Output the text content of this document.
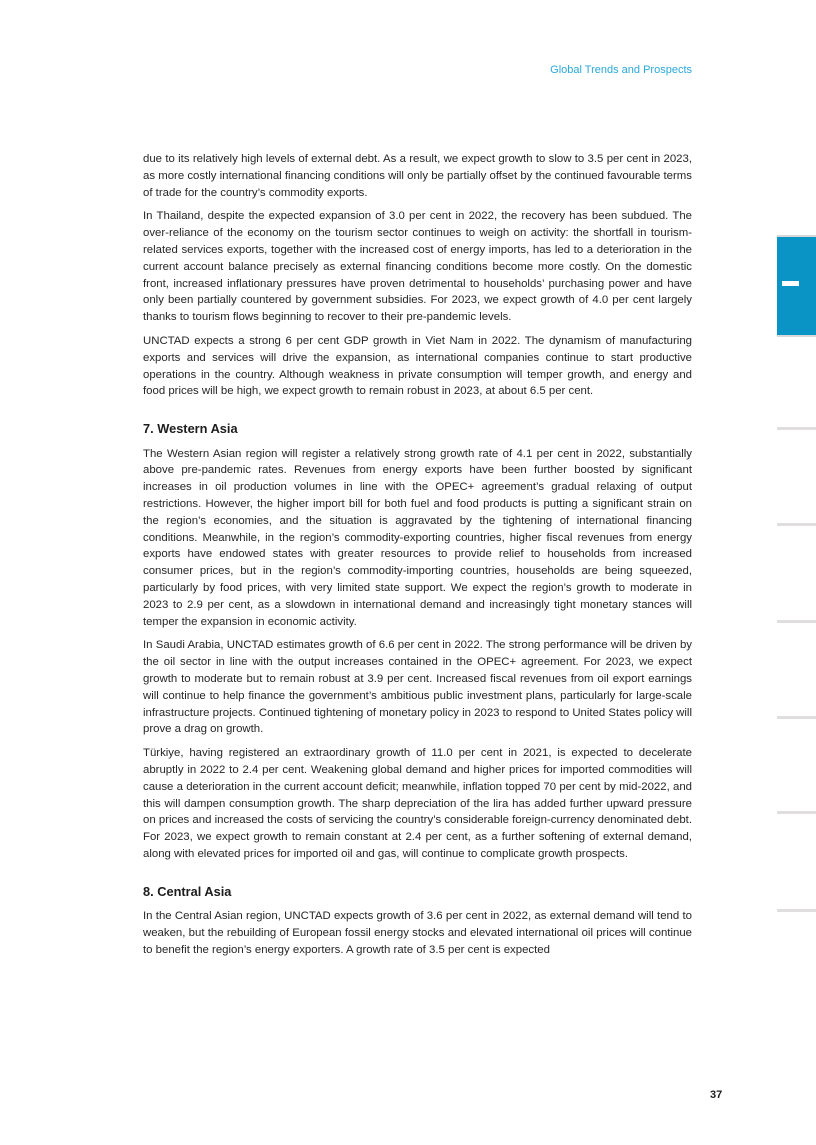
Global Trends and Prospects

due to its relatively high levels of external debt. As a result, we expect growth to slow to 3.5 per cent in 2023, as more costly international financing conditions will only be partially offset by the continued favourable terms of trade for the country’s commodity exports.

In Thailand, despite the expected expansion of 3.0 per cent in 2022, the recovery has been subdued. The over-reliance of the economy on the tourism sector continues to weigh on activity: the shortfall in tourism-related services exports, together with the increased cost of energy imports, has led to a deterioration in the current account balance precisely as external financing conditions become more costly. On the domestic front, increased inflationary pressures have proven detrimental to households’ purchasing power and have only been partially countered by government subsidies. For 2023, we expect growth of 4.0 per cent largely thanks to tourism flows beginning to recover to their pre-pandemic levels.

UNCTAD expects a strong 6 per cent GDP growth in Viet Nam in 2022. The dynamism of manufacturing exports and services will drive the expansion, as international companies continue to start productive operations in the country. Although weakness in private consumption will temper growth, and energy and food prices will be high, we expect growth to remain robust in 2023, at about 6.5 per cent.

7. Western Asia

The Western Asian region will register a relatively strong growth rate of 4.1 per cent in 2022, substantially above pre-pandemic rates. Revenues from energy exports have been further boosted by significant increases in oil production volumes in line with the OPEC+ agreement’s gradual relaxing of output restrictions. However, the higher import bill for both fuel and food products is putting a significant strain on the region’s economies, and the situation is aggravated by the tightening of international financing conditions. Meanwhile, in the region’s commodity-exporting countries, higher fiscal revenues from energy exports have endowed states with greater resources to provide relief to households from increased consumer prices, but in the region’s commodity-importing countries, households are being squeezed, particularly by food prices, with very limited state support. We expect the region’s growth to moderate in 2023 to 2.9 per cent, as a slowdown in international demand and increasingly tight monetary stances will temper the expansion in economic activity.

In Saudi Arabia, UNCTAD estimates growth of 6.6 per cent in 2022. The strong performance will be driven by the oil sector in line with the output increases contained in the OPEC+ agreement. For 2023, we expect growth to moderate but to remain robust at 3.9 per cent. Increased fiscal revenues from oil export earnings will continue to help finance the government’s ambitious public investment plans, particularly for large-scale infrastructure projects. Continued tightening of monetary policy in 2023 to respond to United States policy will prove a drag on growth.

Türkiye, having registered an extraordinary growth of 11.0 per cent in 2021, is expected to decelerate abruptly in 2022 to 2.4 per cent. Weakening global demand and higher prices for imported commodities will cause a deterioration in the current account deficit; meanwhile, inflation topped 70 per cent by mid-2022, and this will dampen consumption growth. The sharp depreciation of the lira has added further upward pressure on prices and increased the costs of servicing the country’s considerable foreign-currency denominated debt. For 2023, we expect growth to remain constant at 2.4 per cent, as a further softening of external demand, along with elevated prices for imported oil and gas, will continue to complicate growth prospects.

8. Central Asia

In the Central Asian region, UNCTAD expects growth of 3.6 per cent in 2022, as external demand will tend to weaken, but the rebuilding of European fossil energy stocks and elevated international oil prices will continue to benefit the region’s energy exporters. A growth rate of 3.5 per cent is expected

37
